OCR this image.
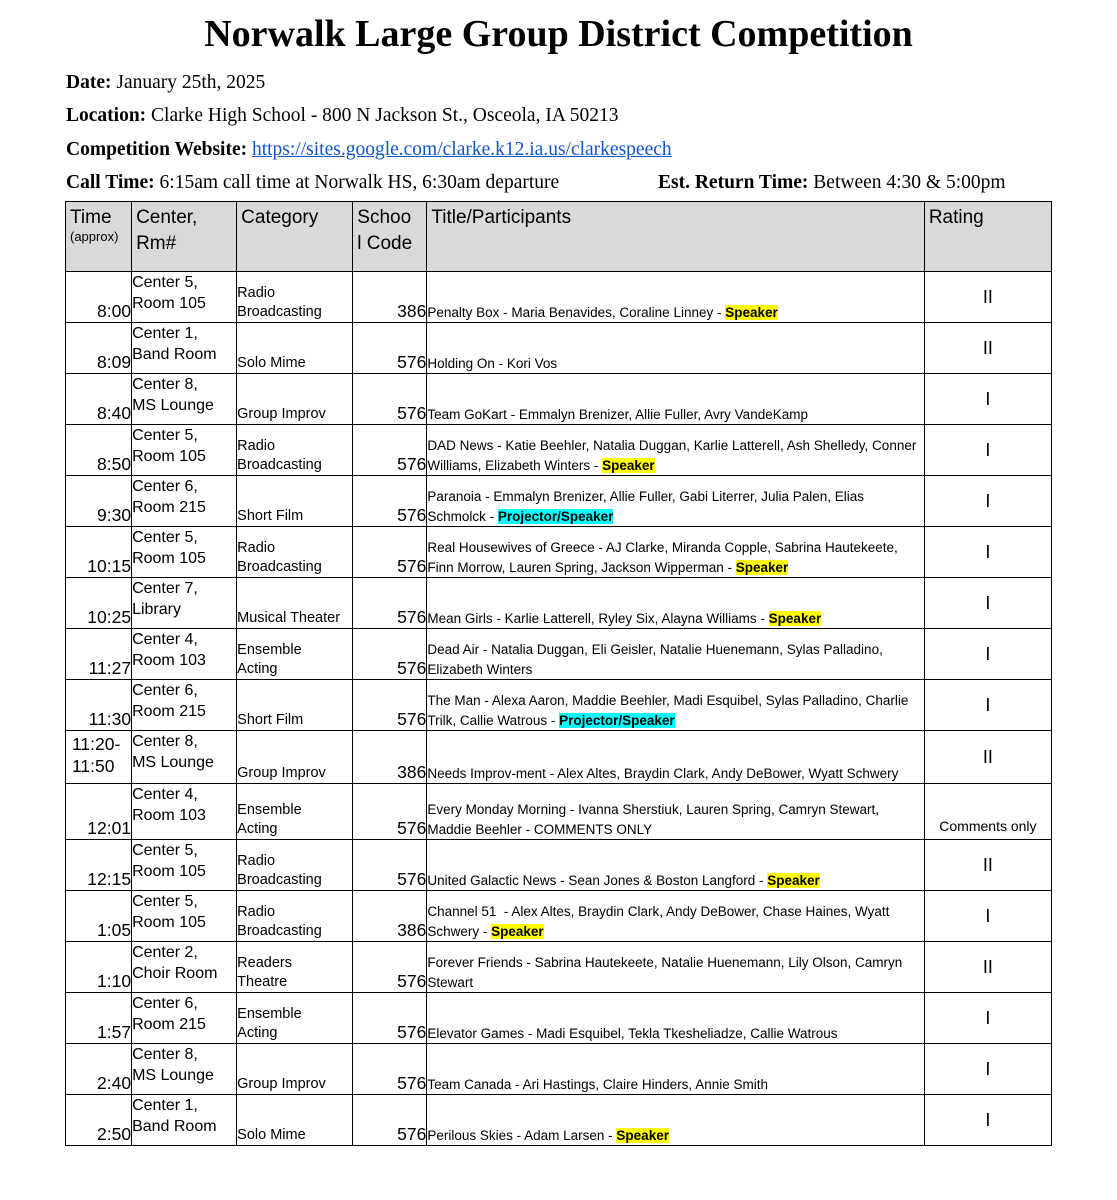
Norwalk Large Group District Competition
Date: January 25th, 2025
Location: Clarke High School - 800 N Jackson St., Osceola, IA 50213
Competition Website: https://sites.google.com/clarke.k12.ia.us/clarkespeech
Call Time: 6:15am call time at Norwalk HS, 6:30am departure	Est. Return Time: Between 4:30 & 5:00pm
Time
(approx)	Center,
Rm#	Category	Schoo
l Code	Title/Participants	Rating
8:00	Center 5,
Room 105	Radio
Broadcasting	386	Penalty Box - Maria Benavides, Coraline Linney - Speaker	II
8:09	Center 1,
Band Room	Solo Mime	576	Holding On - Kori Vos	II
8:40	Center 8,
MS Lounge	Group Improv	576	Team GoKart - Emmalyn Brenizer, Allie Fuller, Avry VandeKamp	I
8:50	Center 5,
Room 105	Radio
Broadcasting	576	DAD News - Katie Beehler, Natalia Duggan, Karlie Latterell, Ash Shelledy, Conner Williams, Elizabeth Winters - Speaker	I
9:30	Center 6,
Room 215	Short Film	576	Paranoia - Emmalyn Brenizer, Allie Fuller, Gabi Literrer, Julia Palen, Elias Schmolck - Projector/Speaker	I
10:15	Center 5,
Room 105	Radio
Broadcasting	576	Real Housewives of Greece - AJ Clarke, Miranda Copple, Sabrina Hautekeete, Finn Morrow, Lauren Spring, Jackson Wipperman - Speaker	I
10:25	Center 7,
Library	Musical Theater	576	Mean Girls - Karlie Latterell, Ryley Six, Alayna Williams - Speaker	I
11:27	Center 4,
Room 103	Ensemble
Acting	576	Dead Air - Natalia Duggan, Eli Geisler, Natalie Huenemann, Sylas Palladino, Elizabeth Winters	I
11:30	Center 6,
Room 215	Short Film	576	The Man - Alexa Aaron, Maddie Beehler, Madi Esquibel, Sylas Palladino, Charlie Trilk, Callie Watrous - Projector/Speaker	I
11:20-
11:50	Center 8,
MS Lounge	Group Improv	386	Needs Improv-ment - Alex Altes, Braydin Clark, Andy DeBower, Wyatt Schwery	II
12:01	Center 4,
Room 103	Ensemble
Acting	576	Every Monday Morning - Ivanna Sherstiuk, Lauren Spring, Camryn Stewart, Maddie Beehler - COMMENTS ONLY	Comments only
12:15	Center 5,
Room 105	Radio
Broadcasting	576	United Galactic News - Sean Jones & Boston Langford - Speaker	II
1:05	Center 5,
Room 105	Radio
Broadcasting	386	Channel 51  - Alex Altes, Braydin Clark, Andy DeBower, Chase Haines, Wyatt Schwery - Speaker	I
1:10	Center 2,
Choir Room	Readers
Theatre	576	Forever Friends - Sabrina Hautekeete, Natalie Huenemann, Lily Olson, Camryn Stewart	II
1:57	Center 6,
Room 215	Ensemble
Acting	576	Elevator Games - Madi Esquibel, Tekla Tkesheliadze, Callie Watrous	I
2:40	Center 8,
MS Lounge	Group Improv	576	Team Canada - Ari Hastings, Claire Hinders, Annie Smith	I
2:50	Center 1,
Band Room	Solo Mime	576	Perilous Skies - Adam Larsen - Speaker	I
